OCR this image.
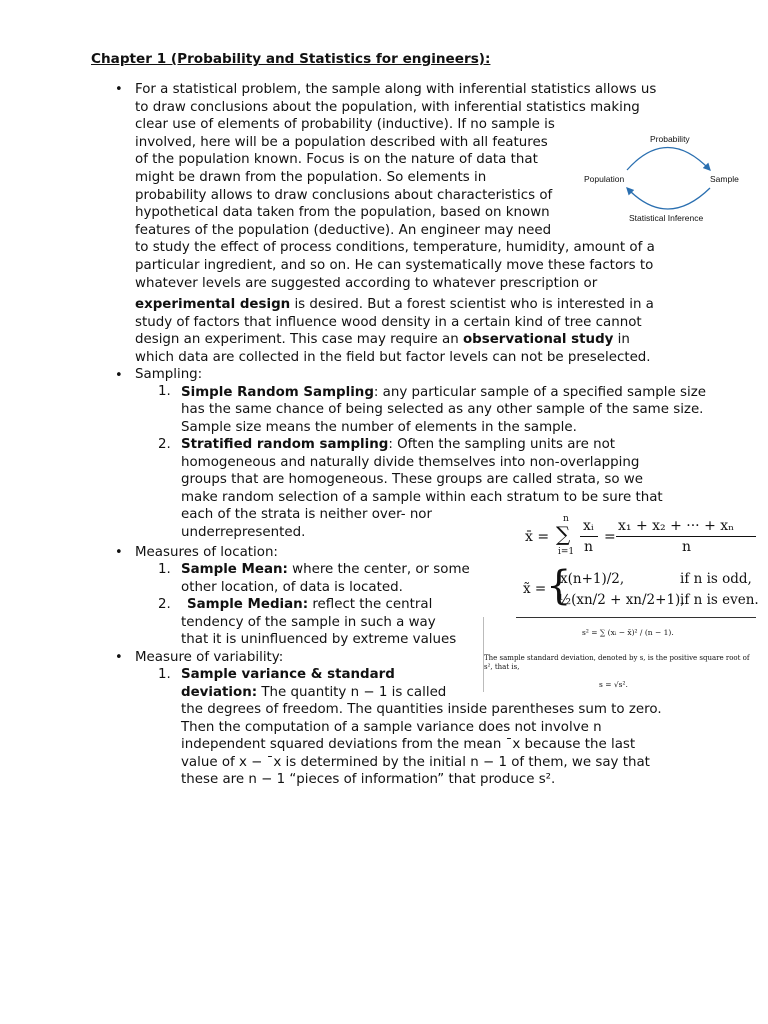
Chapter 1 (Probability and Statistics for engineers):
• For a statistical problem, the sample along with inferential statistics allows us
to draw conclusions about the population, with inferential statistics making
clear use of elements of probability (inductive). If no sample is
involved, here will be a population described with all features
of the population known. Focus is on the nature of data that
might be drawn from the population. So elements in
probability allows to draw conclusions about characteristics of
hypothetical data taken from the population, based on known
features of the population (deductive). An engineer may need
to study the effect of process conditions, temperature, humidity, amount of a
particular ingredient, and so on. He can systematically move these factors to
whatever levels are suggested according to whatever prescription or
experimental design is desired. But a forest scientist who is interested in a
study of factors that influence wood density in a certain kind of tree cannot
design an experiment. This case may require an observational study in
which data are collected in the field but factor levels can not be preselected.
Probability
Population	Sample
Statistical Inference
• Sampling:
1. Simple Random Sampling: any particular sample of a specified sample size
has the same chance of being selected as any other sample of the same size.
Sample size means the number of elements in the sample.
2. Stratified random sampling: Often the sampling units are not
homogeneous and naturally divide themselves into non-overlapping
groups that are homogeneous. These groups are called strata, so we
make random selection of a sample within each stratum to be sure that
each of the strata is neither over- nor
underrepresented.
• Measures of location:
1. Sample Mean: where the center, or some
other location, of data is located.
2. Sample Median: reflect the central
tendency of the sample in such a way
that it is uninfluenced by extreme values
• Measure of variability:
1. Sample variance & standard
deviation: The quantity n − 1 is called
the degrees of freedom. The quantities inside parentheses sum to zero.
Then the computation of a sample variance does not involve n
independent squared deviations from the mean ¯x because the last
value of x − ¯x is determined by the initial n − 1 of them, we say that
these are n − 1 “pieces of information” that produce s².
x̄ =
n
∑
i=1
xᵢ
n
=
x₁ + x₂ + ··· + xₙ
n
x̃ = {
x(n+1)/2,
½(xn/2 + xn/2+1),
if n is odd,
if n is even.
s² = ∑ (xᵢ − x̄)² / (n − 1).
The sample standard deviation, denoted by s, is the positive square root of
s², that is,
s = √s².
